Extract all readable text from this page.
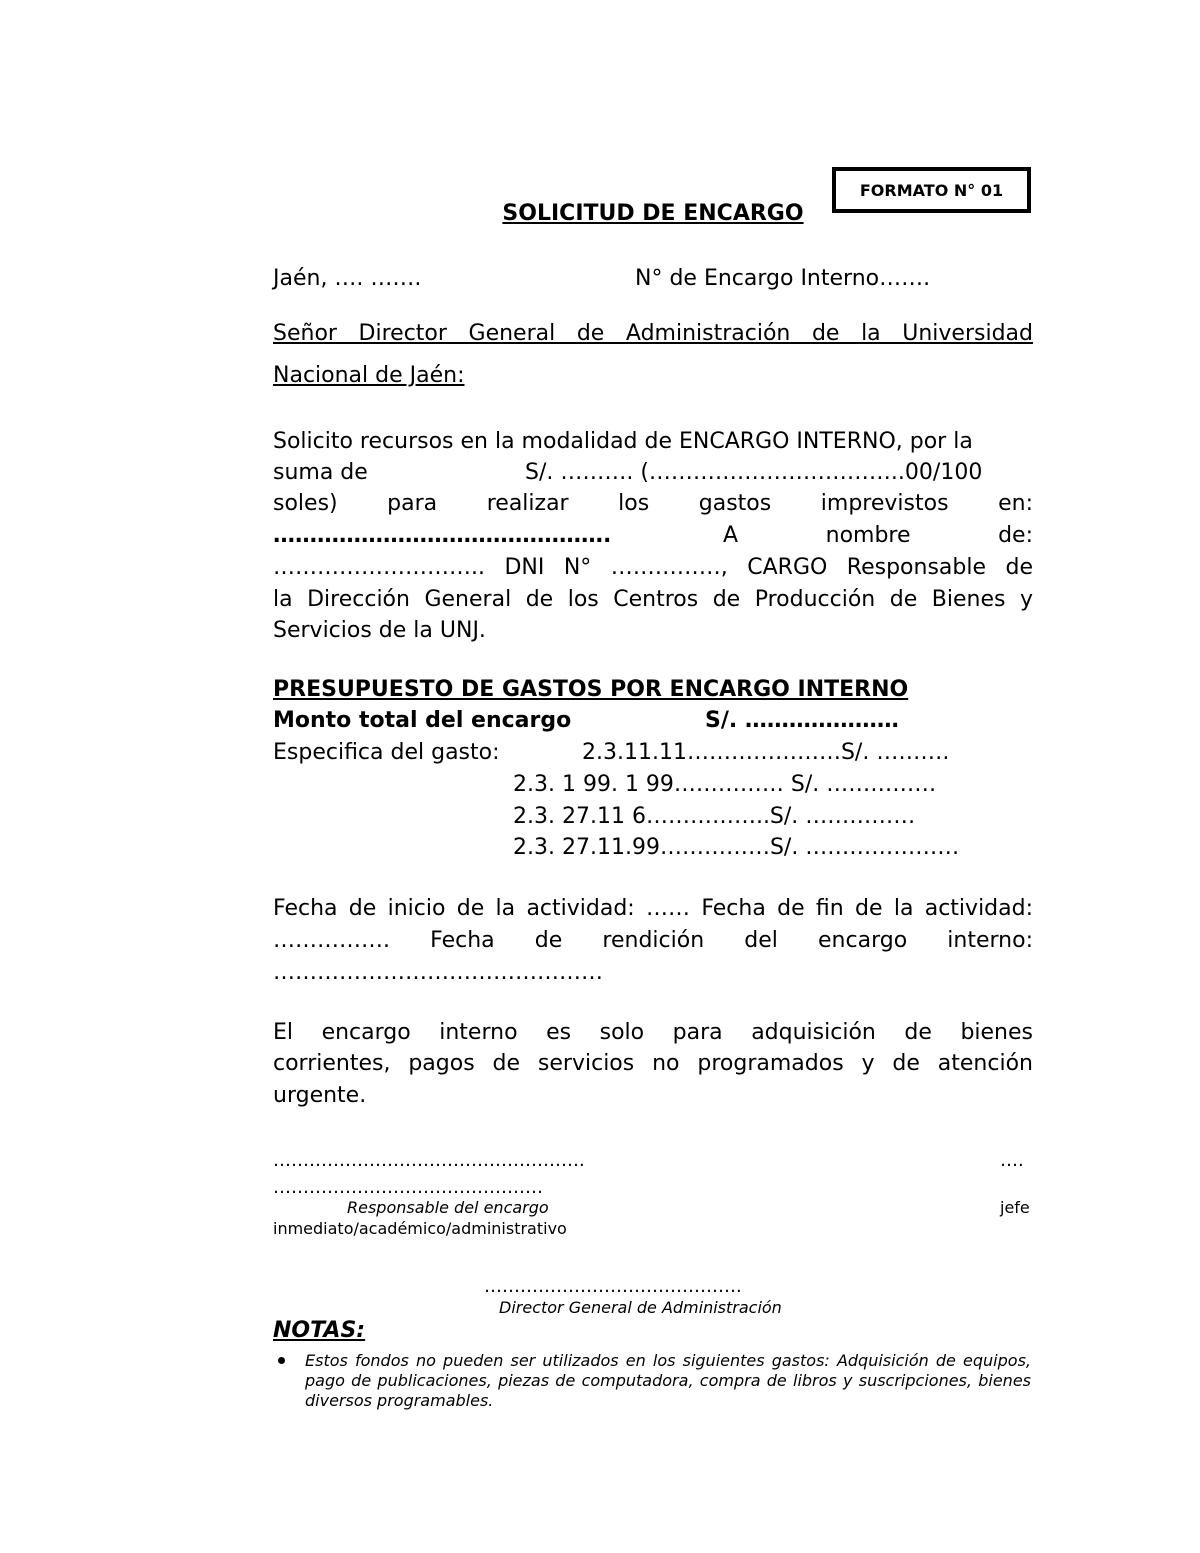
FORMATO N° 01
SOLICITUD DE ENCARGO
Jaén, …. …….	N° de Encargo Interno…….
Señor Director General de Administración de la Universidad
Nacional de Jaén:
Solicito recursos en la modalidad de ENCARGO INTERNO, por la
suma de	S/. ………. (……………………………..00/100
soles) para realizar los gastos imprevistos en:
……………………………………….	A nombre de:
……………………….. DNI N° ……………, CARGO Responsable de
la Dirección General de los Centros de Producción de Bienes y
Servicios de la UNJ.
PRESUPUESTO DE GASTOS POR ENCARGO INTERNO
Monto total del encargo	S/. …………………
Especifica del gasto:	2.3.11.11…………………S/. ……….
2.3. 1 99. 1 99…………… S/. ……………
2.3. 27.11 6……………..S/. ……………
2.3. 27.11.99……………S/. …………………
Fecha de inicio de la actividad: …… Fecha de fin de la actividad:
……………. Fecha de rendición del encargo interno:
………………………………………
El encargo interno es solo para adquisición de bienes
corrientes, pagos de servicios no programados y de atención
urgente.
…………………………………………….	….
………………………………………
Responsable del encargo	jefe
inmediato/académico/administrativo
…………………………………….
Director General de Administración
NOTAS:
Estos fondos no pueden ser utilizados en los siguientes gastos: Adquisición de equipos, pago de publicaciones, piezas de computadora, compra de libros y suscripciones, bienes diversos programables.
